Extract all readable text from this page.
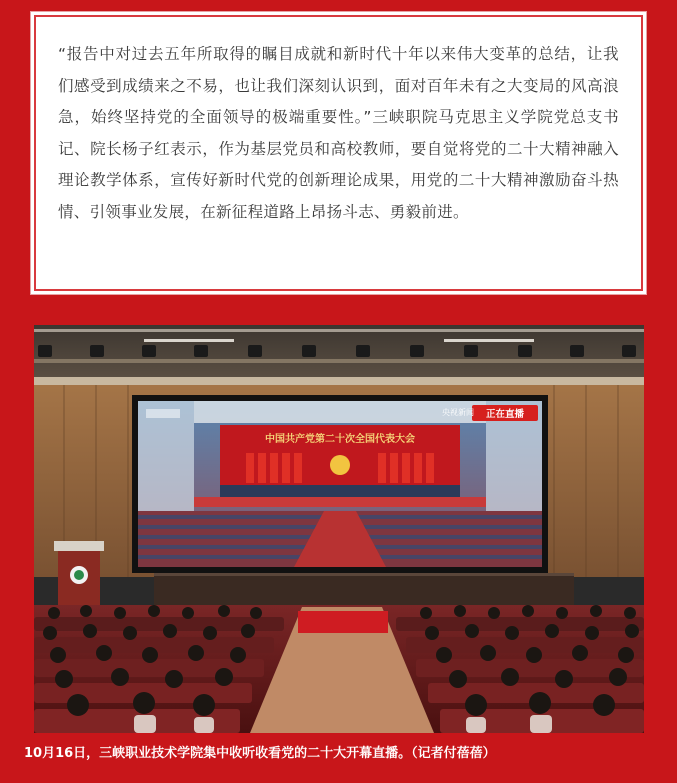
“报告中对过去五年所取得的瞩目成就和新时代十年以来伟大变革的总结，让我们感受到成绩来之不易，也让我们深刻认识到，面对百年未有之大变局的风高浪急，始终坚持党的全面领导的极端重要性。”三峡职院马克思主义学院党总支书记、院长杨子红表示，作为基层党员和高校教师，要自觉将党的二十大精神融入理论教学体系，宣传好新时代党的创新理论成果，用党的二十大精神激励奋斗热情、引领事业发展，在新征程道路上昂扬斗志、勇毅前进。

中国共产党第二十次全国代表大会
正在直播
央视新闻
10月16日，三峡职业技术学院集中收听收看党的二十大开幕直播。（记者付蓓蓓）
